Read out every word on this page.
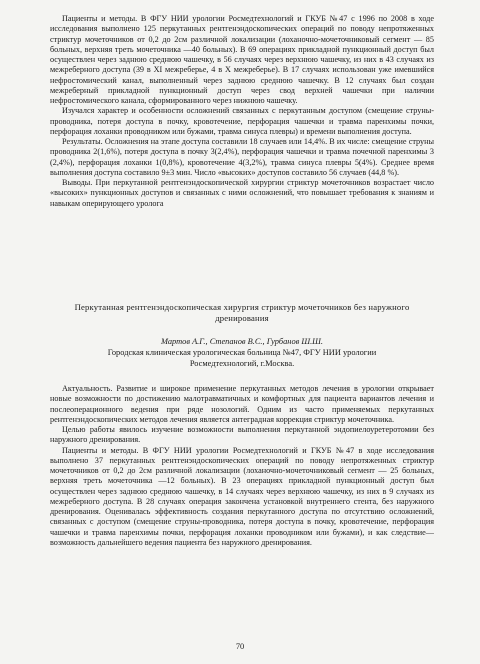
Пациенты и методы. В ФГУ НИИ урологии Росмедтехнологий и ГКУБ №47 с 1996 по 2008 в ходе исследования выполнено 125 перкутанных рентгенэндоскопических операций по поводу непротяженных стриктур мочеточников от 0,2 до 2см различной локализации (лоханочно-мочеточниковый сегмент — 85 больных, верхняя треть мочеточника —40 больных). В 69 операциях прикладной пункционный доступ был осуществлен через заднюю среднюю чашечку, в 56 случаях через верхнюю чашечку, из них в 43 случаях из межреберного доступа (39 в XI межреберье, 4 в X межреберье). В 17 случаях использован уже имевшийся нефростомический канал, выполненный через заднюю среднюю чашечку. В 12 случаях был создан межреберный прикладной пункционный доступ через свод верхней чашечки при наличии нефростомического канала, сформированного через нижнюю чашечку.

Изучался характер и особенности осложнений связанных с перкутанным доступом (смещение струны-проводника, потеря доступа в почку, кровотечение, перфорация чашечки и травма паренхимы почки, перфорация лоханки проводником или бужами, травма синуса плевры) и времени выполнения доступа.

Результаты. Осложнения на этапе доступа составили 18 случаев или 14,4%. В их числе: смещение струны проводника 2(1,6%), потеря доступа в почку 3(2,4%), перфорация чашечки и травма почечной паренхимы 3 (2,4%), перфорация лоханки 1(0,8%), кровотечение 4(3,2%), травма синуса плевры 5(4%). Среднее время выполнения доступа составило 9±3 мин. Число «высоких» доступов составило 56 случаев (44,8 %).

Выводы. При перкутанной рентгенэндоскопической хирургии стриктур мочеточников возрастает число «высоких» пункционных доступов и связанных с ними осложнений, что повышает требования к знаниям и навыкам оперирующего уролога

Перкутанная рентгенэндоскопическая хирургия стриктур мочеточников без наружного дренирования

Мартов А.Г., Степанов В.С., Гурбанов Ш.Ш.

Городская клиническая урологическая больница №47, ФГУ НИИ урологии

Росмедтехнологий, г.Москва.

Актуальность. Развитие и широкое применение перкутанных методов лечения в урологии открывает новые возможности по достижению малотравматичных и комфортных для пациента вариантов лечения и послеоперационного ведения при ряде нозологий. Одним из часто применяемых перкутанных рентгенэндоскопических методов лечения является антеградная коррекция стриктур мочеточника.

Целью работы явилось изучение возможности выполнения перкутанной эндопиелоуретеротомии без наружного дренирования.

Пациенты и методы. В ФГУ НИИ урологии Росмедтехнологий и ГКУБ №47 в ходе исследования выполнено 37 перкутанных рентгенэндоскопических операций по поводу непротяженных стриктур мочеточников от 0,2 до 2см различной локализации (лоханочно-мочеточниковый сегмент — 25 больных, верхняя треть мочеточника —12 больных). В 23 операциях прикладной пункционный доступ был осуществлен через заднюю среднюю чашечку, в 14 случаях через верхнюю чашечку, из них в 9 случаях из межреберного доступа. В 28 случаях операция закончена установкой внутреннего стента, без наружного дренирования. Оценивалась эффективность создания перкутанного доступа по отсутствию осложнений, связанных с доступом (смещение струны-проводника, потеря доступа в почку, кровотечение, перфорация чашечки и травма паренхимы почки, перфорация лоханки проводником или бужами), и как следствие—возможность дальнейшего ведения пациента без наружного дренирования.

70
